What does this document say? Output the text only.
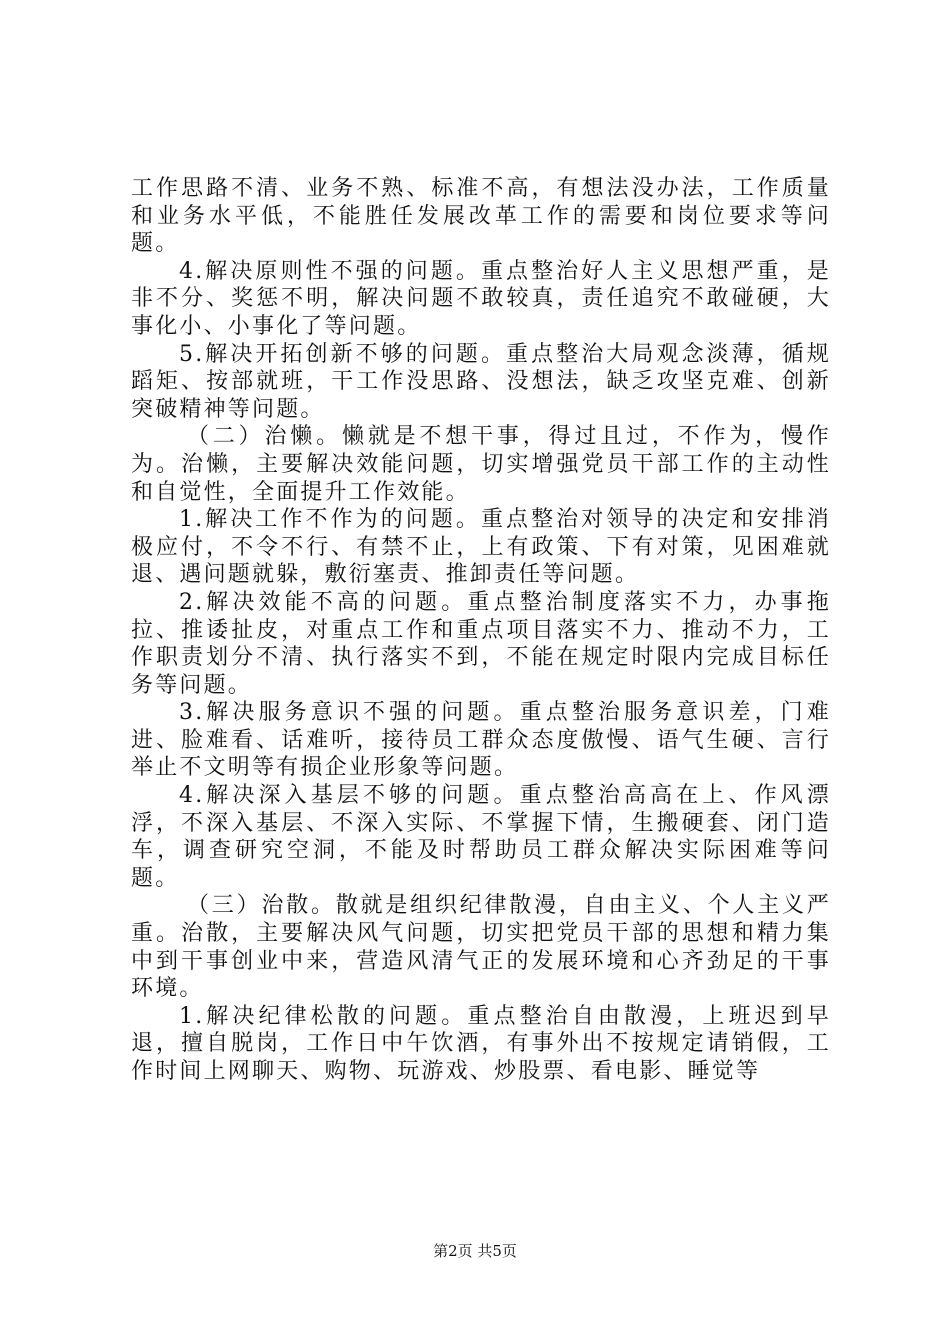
工作思路不清、业务不熟、标准不高，有想法没办法，工作质量和业务水平低，不能胜任发展改革工作的需要和岗位要求等问题。

4.解决原则性不强的问题。重点整治好人主义思想严重，是非不分、奖惩不明，解决问题不敢较真，责任追究不敢碰硬，大事化小、小事化了等问题。

5.解决开拓创新不够的问题。重点整治大局观念淡薄，循规蹈矩、按部就班，干工作没思路、没想法，缺乏攻坚克难、创新突破精神等问题。

（二）治懒。懒就是不想干事，得过且过，不作为，慢作为。治懒，主要解决效能问题，切实增强党员干部工作的主动性和自觉性，全面提升工作效能。

1.解决工作不作为的问题。重点整治对领导的决定和安排消极应付，不令不行、有禁不止，上有政策、下有对策，见困难就退、遇问题就躲，敷衍塞责、推卸责任等问题。

2.解决效能不高的问题。重点整治制度落实不力，办事拖拉、推诿扯皮，对重点工作和重点项目落实不力、推动不力，工作职责划分不清、执行落实不到，不能在规定时限内完成目标任务等问题。

3.解决服务意识不强的问题。重点整治服务意识差，门难进、脸难看、话难听，接待员工群众态度傲慢、语气生硬、言行举止不文明等有损企业形象等问题。

4.解决深入基层不够的问题。重点整治高高在上、作风漂浮，不深入基层、不深入实际、不掌握下情，生搬硬套、闭门造车，调查研究空洞，不能及时帮助员工群众解决实际困难等问题。

（三）治散。散就是组织纪律散漫，自由主义、个人主义严重。治散，主要解决风气问题，切实把党员干部的思想和精力集中到干事创业中来，营造风清气正的发展环境和心齐劲足的干事环境。

1.解决纪律松散的问题。重点整治自由散漫，上班迟到早退，擅自脱岗，工作日中午饮酒，有事外出不按规定请销假，工作时间上网聊天、购物、玩游戏、炒股票、看电影、睡觉等

第2页 共5页
